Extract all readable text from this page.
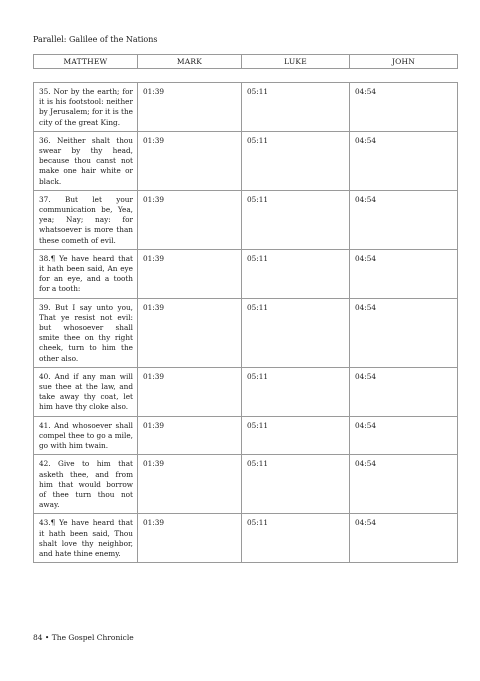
Parallel: Galilee of the Nations
MATTHEW	MARK	LUKE	JOHN

35. Nor by the earth; for it is his footstool: neither by Jerusalem; for it is the city of the great King.	01:39	05:11	04:54
36. Neither shalt thou swear by thy head, because thou canst not make one hair white or black.	01:39	05:11	04:54
37. But let your communication be, Yea, yea; Nay; nay: for whatsoever is more than these cometh of evil.	01:39	05:11	04:54
38.¶ Ye have heard that it hath been said, An eye for an eye, and a tooth for a tooth:	01:39	05:11	04:54
39. But I say unto you, That ye resist not evil: but whosoever shall smite thee on thy right cheek, turn to him the other also.	01:39	05:11	04:54
40. And if any man will sue thee at the law, and take away thy coat, let him have thy cloke also.	01:39	05:11	04:54
41. And whosoever shall compel thee to go a mile, go with him twain.	01:39	05:11	04:54
42. Give to him that asketh thee, and from him that would borrow of thee turn thou not away.	01:39	05:11	04:54
43.¶ Ye have heard that it hath been said, Thou shalt love thy neighbor, and hate thine enemy.	01:39	05:11	04:54
84 • The Gospel Chronicle
